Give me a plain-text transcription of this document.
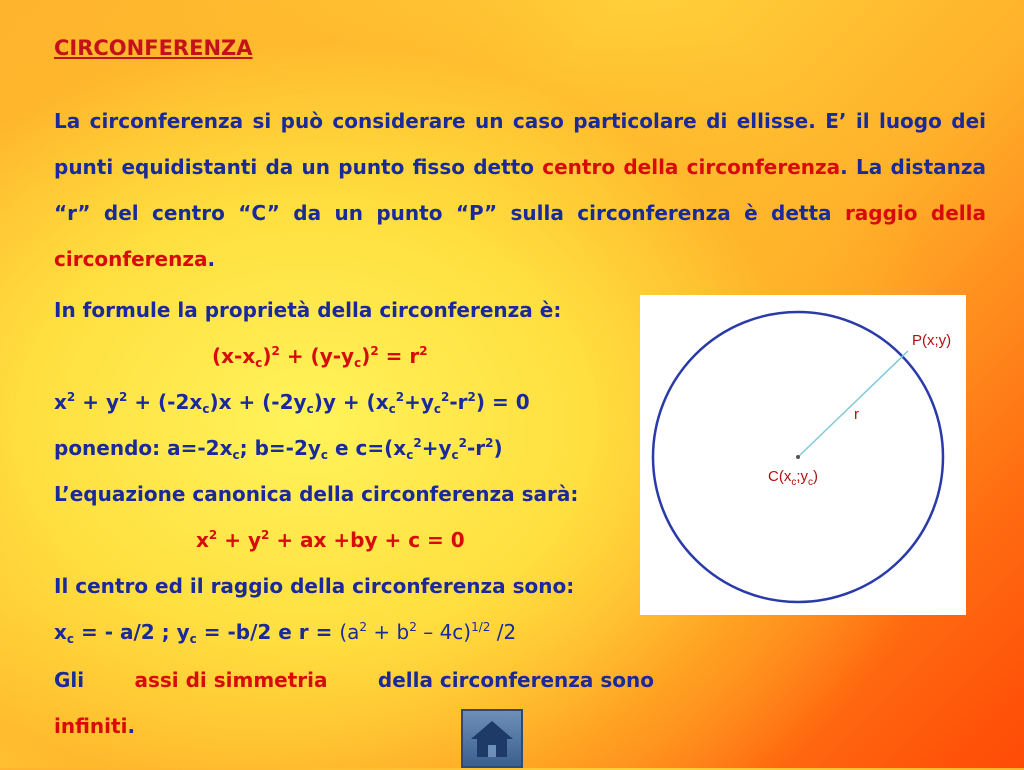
CIRCONFERENZA
La circonferenza si può considerare un caso particolare di ellisse. E’ il luogo dei punti equidistanti da un punto fisso detto centro della circonferenza. La distanza “r” del centro “C” da un punto “P” sulla circonferenza è detta raggio della circonferenza.
In formule la proprietà della circonferenza è:
$(x-x_c)^2 + (y-y_c)^2 = r^2$
$x^2 + y^2 + (-2x_c)x + (-2y_c)y + (x_c^2+y_c^2-r^2) = 0$
ponendo: $a=-2x_c$; $b=-2y_c$ e $c=(x_c^2+y_c^2-r^2)$
L’equazione canonica della circonferenza sarà:
$x^2 + y^2$ + ax +by + c = 0
Il centro ed il raggio della circonferenza sono:
$x_c$ = - a/2 ; $y_c = -b/2$ e $r = (a^2 + b^2 - 4c)^{1/2}$ /2
Gli	assi di simmetria	della circonferenza sono
infiniti.
P(x;y)
r
$C(x_c;y_c)$
